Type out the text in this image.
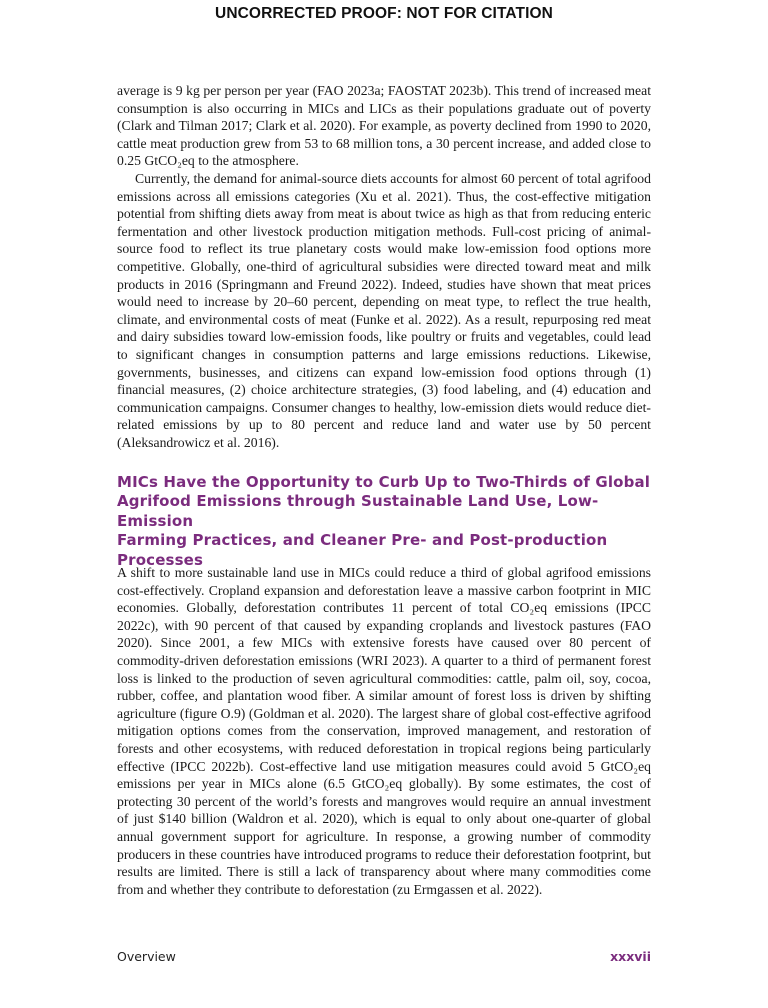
UNCORRECTED PROOF: NOT FOR CITATION

average is 9 kg per person per year (FAO 2023a; FAOSTAT 2023b). This trend of increased meat consumption is also occurring in MICs and LICs as their populations graduate out of poverty (Clark and Tilman 2017; Clark et al. 2020). For example, as poverty declined from 1990 to 2020, cattle meat production grew from 53 to 68 million tons, a 30 percent increase, and added close to 0.25 GtCO₂eq to the atmosphere.

Currently, the demand for animal-source diets accounts for almost 60 percent of total agrifood emissions across all emissions categories (Xu et al. 2021). Thus, the cost-effective mitigation potential from shifting diets away from meat is about twice as high as that from reducing enteric fermentation and other livestock production mitigation methods. Full-cost pricing of animal-source food to reflect its true planetary costs would make low-emission food options more competitive. Globally, one-third of agricultural subsidies were directed toward meat and milk products in 2016 (Springmann and Freund 2022). Indeed, studies have shown that meat prices would need to increase by 20–60 percent, depending on meat type, to reflect the true health, climate, and environmental costs of meat (Funke et al. 2022). As a result, repurposing red meat and dairy subsidies toward low-emission foods, like poultry or fruits and vegetables, could lead to significant changes in consumption patterns and large emissions reductions. Likewise, governments, businesses, and citizens can expand low-emission food options through (1) financial measures, (2) choice architecture strategies, (3) food labeling, and (4) education and communication campaigns. Consumer changes to healthy, low-emission diets would reduce diet-related emissions by up to 80 percent and reduce land and water use by 50 percent (Aleksandrowicz et al. 2016).

MICs Have the Opportunity to Curb Up to Two-Thirds of Global
Agrifood Emissions through Sustainable Land Use, Low-Emission
Farming Practices, and Cleaner Pre- and Post-production
Processes

A shift to more sustainable land use in MICs could reduce a third of global agrifood emissions cost-effectively. Cropland expansion and deforestation leave a massive carbon footprint in MIC economies. Globally, deforestation contributes 11 percent of total CO₂eq emissions (IPCC 2022c), with 90 percent of that caused by expanding croplands and livestock pastures (FAO 2020). Since 2001, a few MICs with extensive forests have caused over 80 percent of commodity-driven deforestation emissions (WRI 2023). A quarter to a third of permanent forest loss is linked to the production of seven agricultural commodities: cattle, palm oil, soy, cocoa, rubber, coffee, and plantation wood fiber. A similar amount of forest loss is driven by shifting agriculture (figure O.9) (Goldman et al. 2020). The largest share of global cost-effective agrifood mitigation options comes from the conservation, improved management, and restoration of forests and other ecosystems, with reduced deforestation in tropical regions being particularly effective (IPCC 2022b). Cost-effective land use mitigation measures could avoid 5 GtCO₂eq emissions per year in MICs alone (6.5 GtCO₂eq globally). By some estimates, the cost of protecting 30 percent of the world’s forests and mangroves would require an annual investment of just $140 billion (Waldron et al. 2020), which is equal to only about one-quarter of global annual government support for agriculture. In response, a growing number of commodity producers in these countries have introduced programs to reduce their deforestation footprint, but results are limited. There is still a lack of transparency about where many commodities come from and whether they contribute to deforestation (zu Ermgassen et al. 2022).

Overview	xxxvii
